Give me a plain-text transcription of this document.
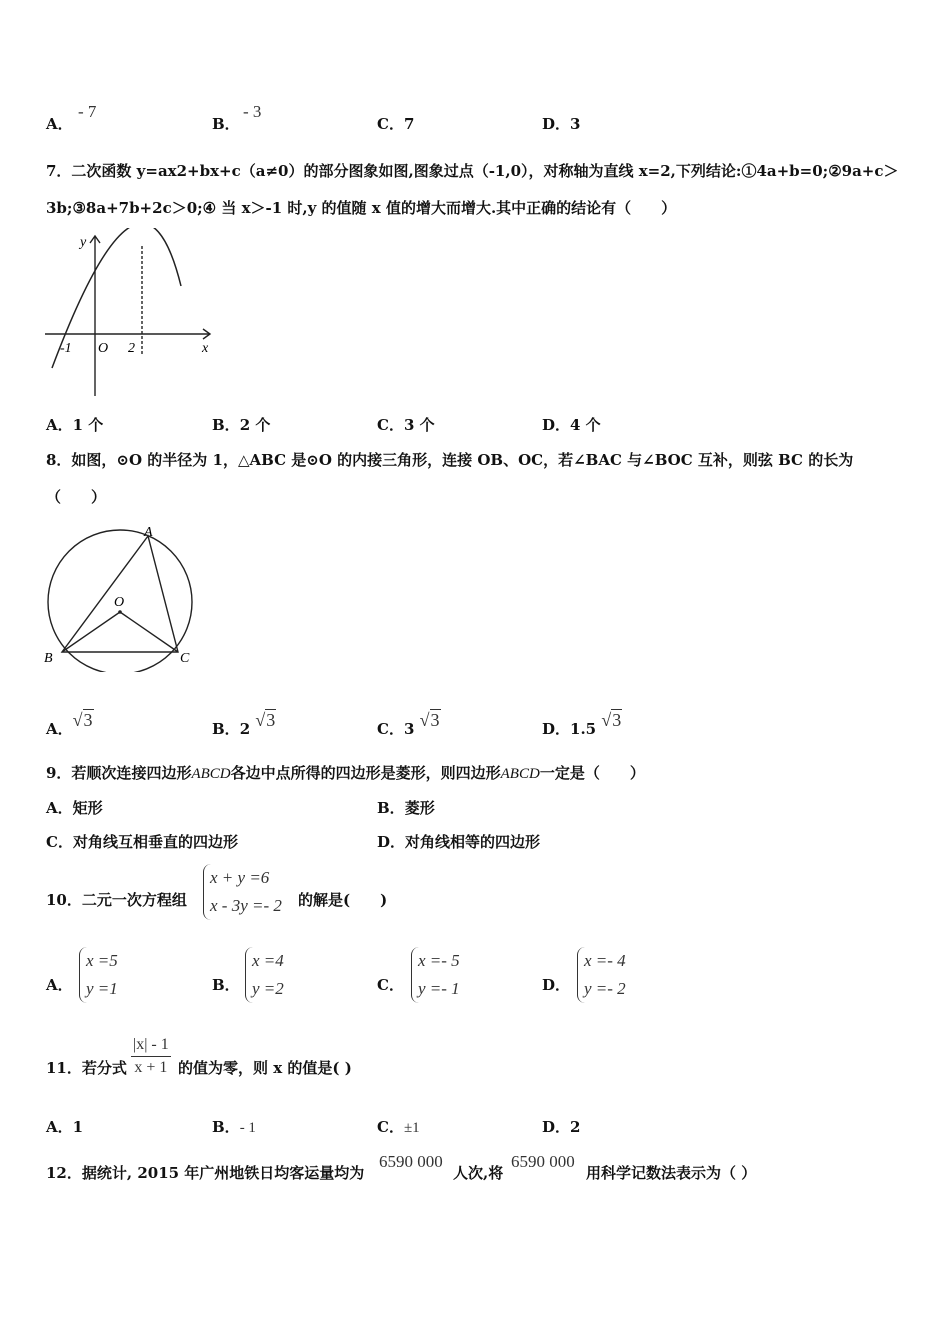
A．
- 7
B．
- 3
C．7	D．3
7．二次函数 y=ax2+bx+c（a≠0）的部分图象如图,图象过点（-1,0），对称轴为直线 x=2,下列结论:①4a+b=0;②9a+c＞
3b;③8a+7b+2c＞0;④ 当 x＞-1 时,y 的值随 x 值的增大而增大.其中正确的结论有（　　）
y
x
-1 O 2
A．1 个	B．2 个	C．3 个	D．4 个
8．如图，⊙O 的半径为 1，△ABC 是⊙O 的内接三角形，连接 OB、OC，若∠BAC 与∠BOC 互补，则弦 BC 的长为
（　　）
A
B	C
O
A．√3	B．2 √3	C．3 √3	D．1.5 √3
9．若顺次连接四边形ABCD各边中点所得的四边形是菱形，则四边形ABCD一定是（　　）
A．矩形	B．菱形
C．对角线互相垂直的四边形	D．对角线相等的四边形
10．二元一次方程组
x + y =6
x - 3y =- 2 的解是(　　)
A．
x =5
y =1	B．
x =4
y =2	C．
x =- 5
y =- 1	D．
x =- 4
y =- 2
11．若分式 $\frac{|x| - 1}{x + 1}$ 的值为零，则 x 的值是( )
A．1	B．- 1	C．±1	D．2
12．据统计, 2015 年广州地铁日均客运量均为
6590 000
人次,将
6590 000
用科学记数法表示为（ ）
